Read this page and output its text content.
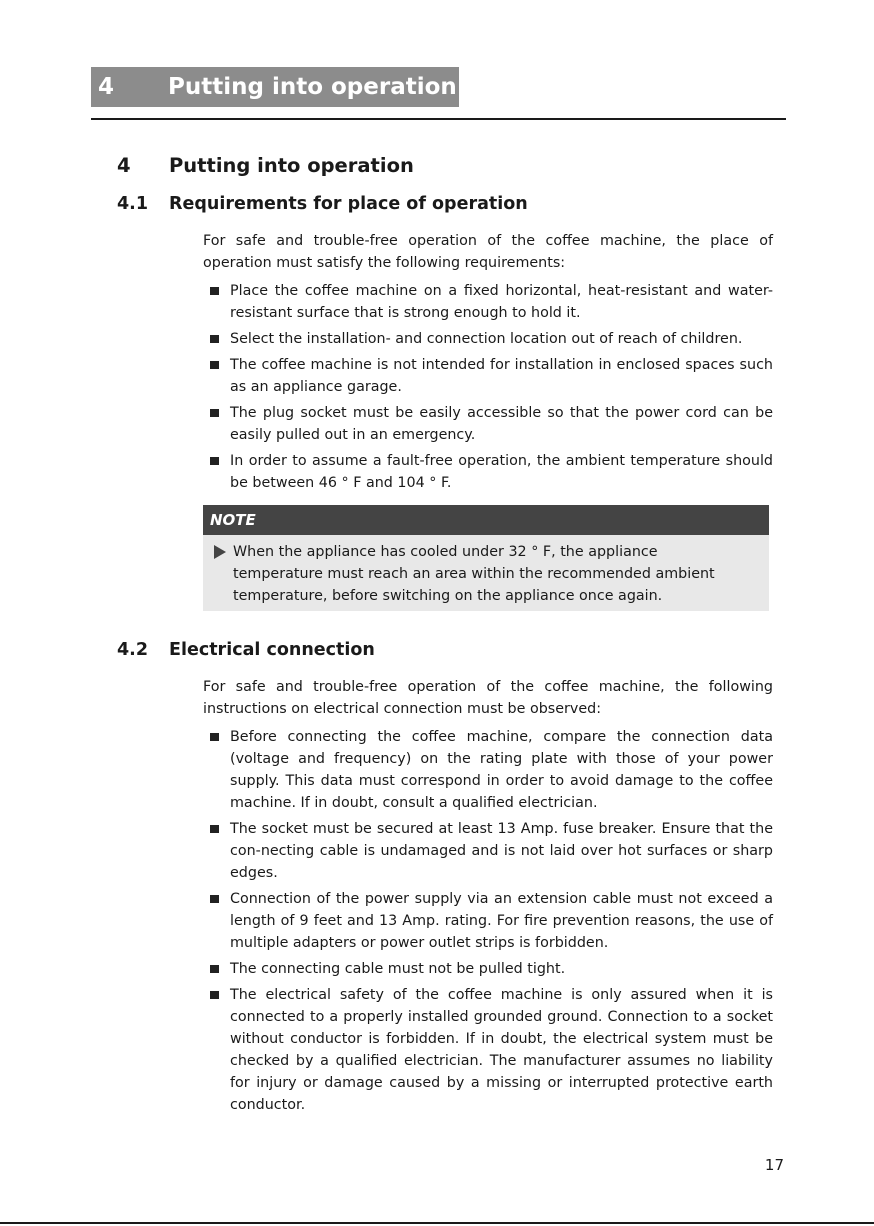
4 Putting into operation
4 Putting into operation
4.1 Requirements for place of operation

For safe and trouble-free operation of the coffee machine, the place of operation must satisfy the following requirements:

Place the coffee machine on a fixed horizontal, heat-resistant and water-resistant surface that is strong enough to hold it.
Select the installation- and connection location out of reach of children.
The coffee machine is not intended for installation in enclosed spaces such as an appliance garage.
The plug socket must be easily accessible so that the power cord can be easily pulled out in an emergency.
In order to assume a fault-free operation, the ambient temperature should be between 46 ° F and 104 ° F.
NOTE
When the appliance has cooled under 32 ° F, the appliance temperature must reach an area within the recommended ambient temperature, before switching on the appliance once again.
4.2 Electrical connection

For safe and trouble-free operation of the coffee machine, the following instructions on electrical connection must be observed:

Before connecting the coffee machine, compare the connection data (voltage and frequency) on the rating plate with those of your power supply. This data must correspond in order to avoid damage to the coffee machine. If in doubt, consult a qualified electrician.
The socket must be secured at least 13 Amp. fuse breaker. Ensure that the con-necting cable is undamaged and is not laid over hot surfaces or sharp edges.
Connection of the power supply via an extension cable must not exceed a length of 9 feet and 13 Amp. rating. For fire prevention reasons, the use of multiple adapters or power outlet strips is forbidden.
The connecting cable must not be pulled tight.
The electrical safety of the coffee machine is only assured when it is connected to a properly installed grounded ground. Connection to a socket without conductor is forbidden. If in doubt, the electrical system must be checked by a qualified electrician. The manufacturer assumes no liability for injury or damage caused by a missing or interrupted protective earth conductor.
17
